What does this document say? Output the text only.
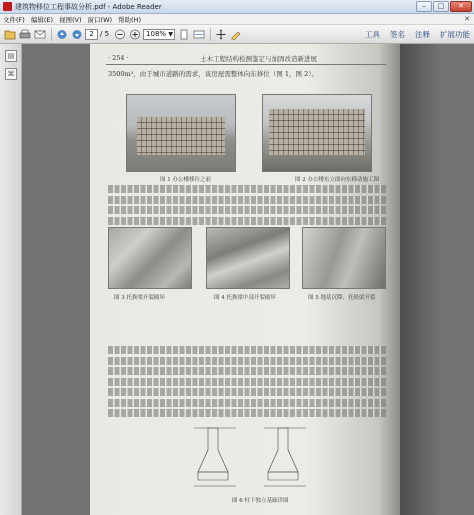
建筑物移位工程事故分析.pdf - Adobe Reader	–	□	✕
文件(F) 编辑(E) 视图(V) 窗口(W) 帮助(H)	✕
2 / 5	108% ▼	工具 签名 注释 扩展功能
▤
⌘
· 254 ·	土木工程结构检测鉴定与加固改造新进展
3500m²，由于城市道路的需求，该房屋需整体向东移位（图 1，图 2）。
图 1 办公楼移位之前	图 2 办公楼东立面向东移动施工图
图 3 托换梁开裂破坏	图 4 托换梁中部开裂破坏	图 5 地基沉降、托换梁开裂
图 6 柱下独立基础详图
